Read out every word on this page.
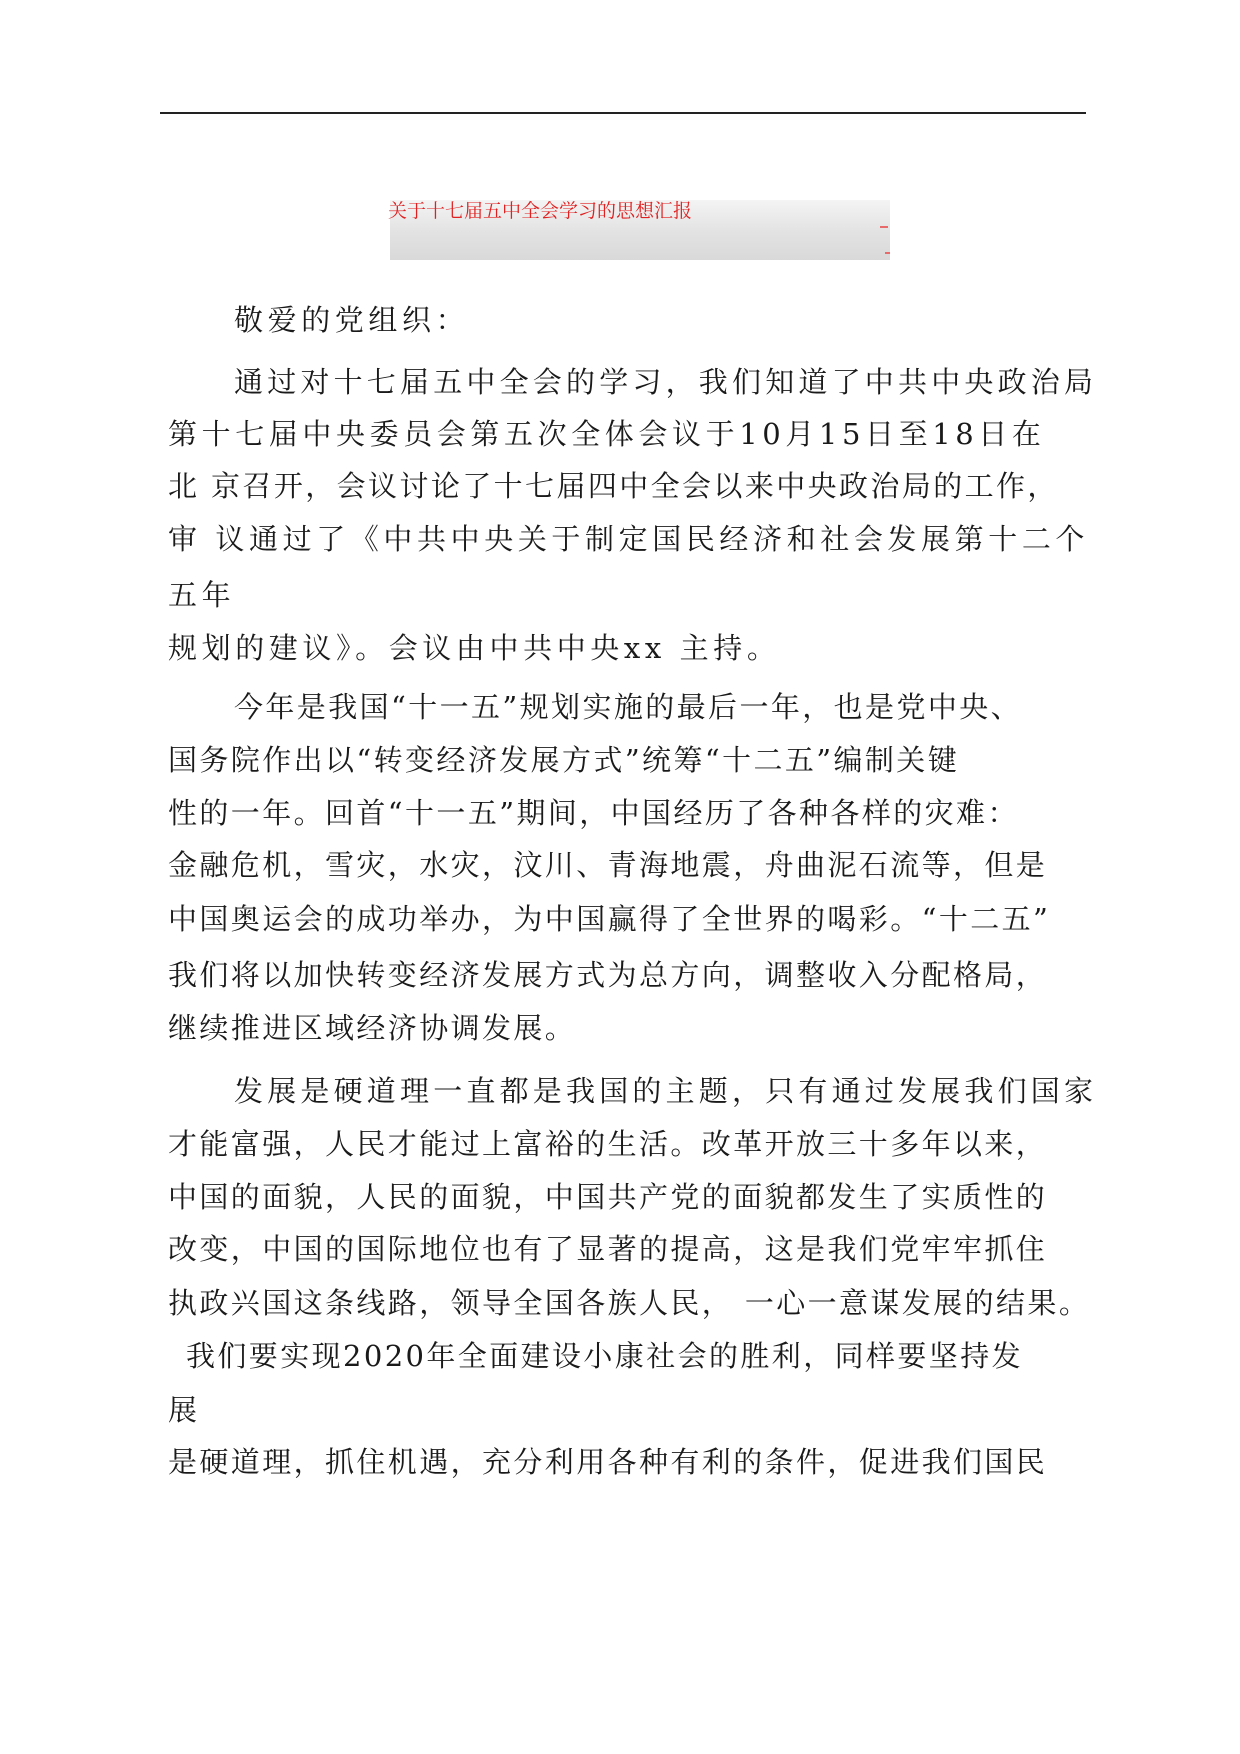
关于十七届五中全会学习的思想汇报
敬爱的党组织：
通过对十七届五中全会的学习，我们知道了中共中央政治局
第十七届中央委员会第五次全体会议于10月15日至18日在
北 京召开，会议讨论了十七届四中全会以来中央政治局的工作，
审 议通过了《中共中央关于制定国民经济和社会发展第十二个
五年
规划的建议》。会议由中共中央xx 主持。
今年是我国“十一五”规划实施的最后一年，也是党中央、
国务院作出以“转变经济发展方式”统筹“十二五”编制关键
性的一年。回首“十一五”期间，中国经历了各种各样的灾难：
金融危机，雪灾，水灾，汶川、青海地震，舟曲泥石流等，但是
中国奥运会的成功举办，为中国赢得了全世界的喝彩。“十二五”
我们将以加快转变经济发展方式为总方向，调整收入分配格局，
继续推进区域经济协调发展。
发展是硬道理一直都是我国的主题，只有通过发展我们国家
才能富强，人民才能过上富裕的生活。改革开放三十多年以来，
中国的面貌，人民的面貌，中国共产党的面貌都发生了实质性的
改变，中国的国际地位也有了显著的提高，这是我们党牢牢抓住
执政兴国这条线路，领导全国各族人民， 一心一意谋发展的结果。
我们要实现2020年全面建设小康社会的胜利，同样要坚持发
展
是硬道理，抓住机遇，充分利用各种有利的条件，促进我们国民
